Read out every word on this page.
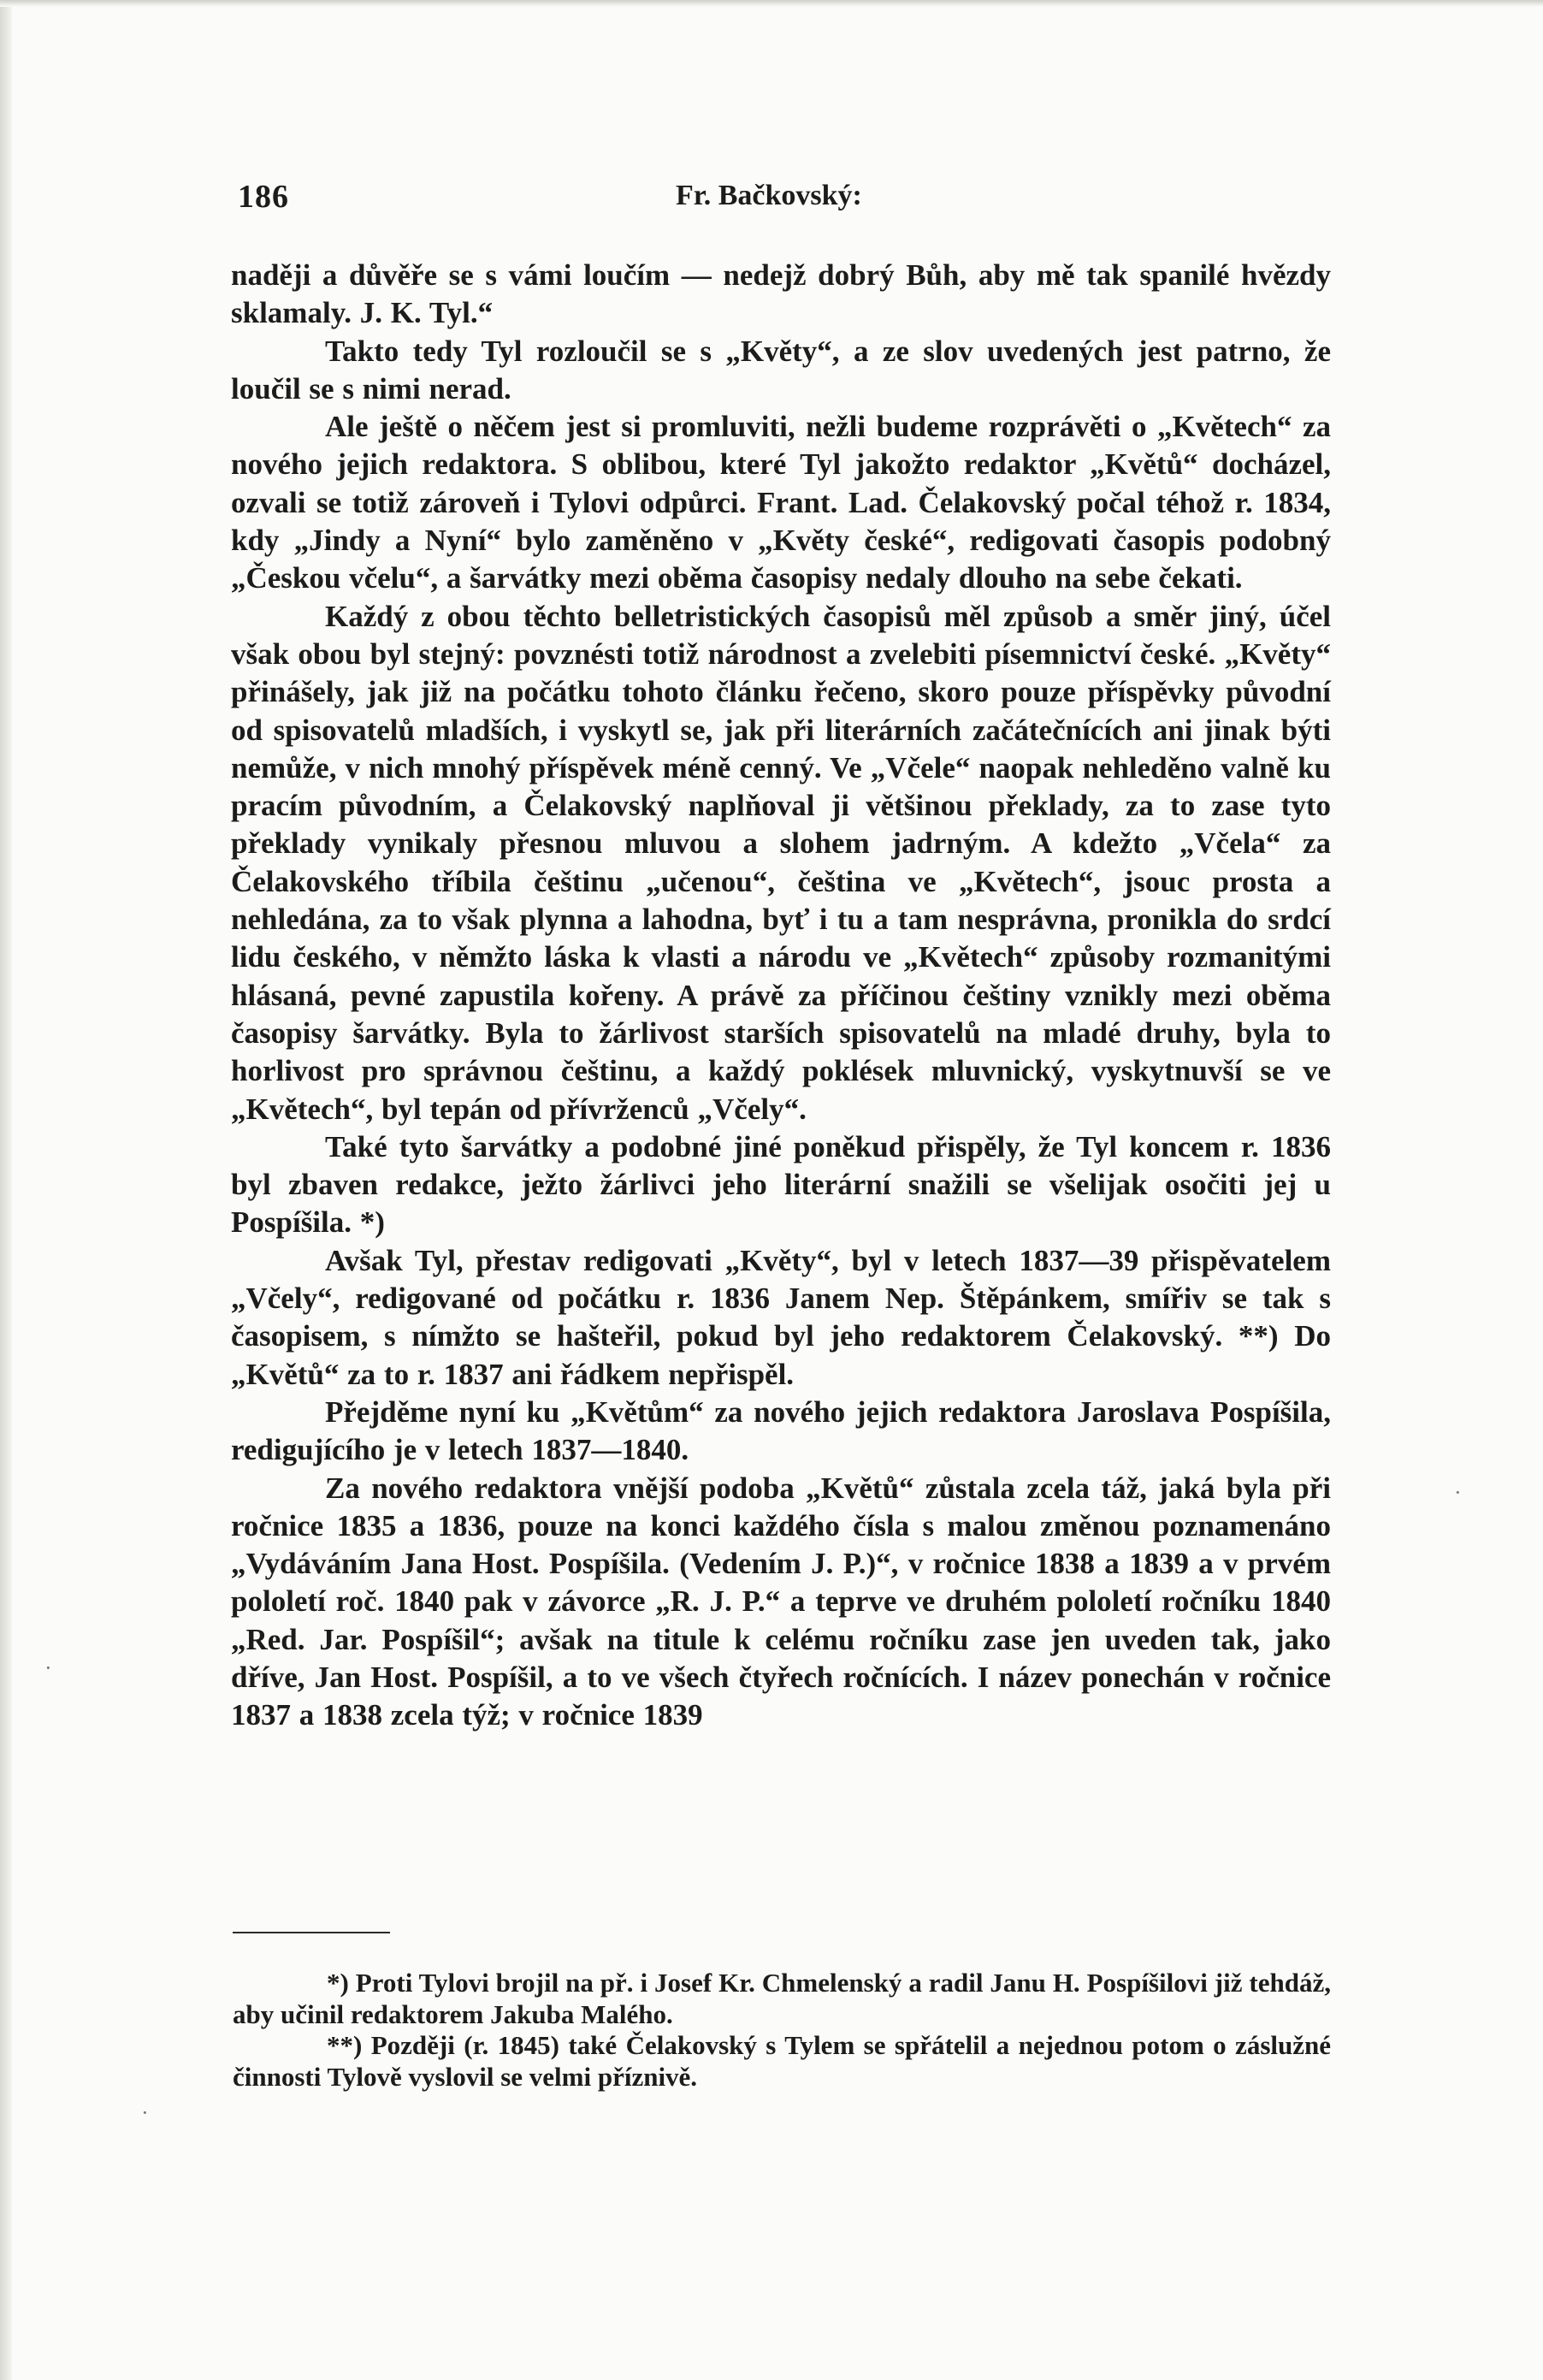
186	Fr. Bačkovský:

naději a důvěře se s vámi loučím — nedejž dobrý Bůh, aby mě tak spanilé hvězdy sklamaly. J. K. Tyl.“

Takto tedy Tyl rozloučil se s „Květy“, a ze slov uvedených jest patrno, že loučil se s nimi nerad.

Ale ještě o něčem jest si promluviti, nežli budeme rozprávěti o „Květech“ za nového jejich redaktora. S oblibou, které Tyl jakožto redaktor „Květů“ docházel, ozvali se totiž zároveň i Tylovi odpůrci. Frant. Lad. Čelakovský počal téhož r. 1834, kdy „Jindy a Nyní“ bylo zaměněno v „Květy české“, redigovati časopis podobný „Českou včelu“, a šarvátky mezi oběma časopisy nedaly dlouho na sebe čekati.

Každý z obou těchto belletristických časopisů měl způsob a směr jiný, účel však obou byl stejný: povznésti totiž národnost a zvelebiti písemnictví české. „Květy“ přinášely, jak již na počátku tohoto článku řečeno, skoro pouze příspěvky původní od spisovatelů mladších, i vyskytl se, jak při literárních začátečnících ani jinak býti nemůže, v nich mnohý příspěvek méně cenný. Ve „Včele“ naopak nehleděno valně ku pracím původním, a Čelakovský naplňoval ji většinou překlady, za to zase tyto překlady vynikaly přesnou mluvou a slohem jadrným. A kdežto „Včela“ za Čelakovského tříbila češtinu „učenou“, čeština ve „Květech“, jsouc prosta a nehledána, za to však plynna a lahodna, byť i tu a tam nesprávna, pronikla do srdcí lidu českého, v němžto láska k vlasti a národu ve „Květech“ způsoby rozmanitými hlásaná, pevné zapustila kořeny. A právě za příčinou češtiny vznikly mezi oběma časopisy šarvátky. Byla to žárlivost starších spisovatelů na mladé druhy, byla to horlivost pro správnou češtinu, a každý poklések mluvnický, vyskytnuvší se ve „Květech“, byl tepán od přívrženců „Včely“.

Také tyto šarvátky a podobné jiné poněkud přispěly, že Tyl koncem r. 1836 byl zbaven redakce, ježto žárlivci jeho literární snažili se všelijak osočiti jej u Pospíšila. *)

Avšak Tyl, přestav redigovati „Květy“, byl v letech 1837—39 přispěvatelem „Včely“, redigované od počátku r. 1836 Janem Nep. Štěpánkem, smířiv se tak s časopisem, s nímžto se hašteřil, pokud byl jeho redaktorem Čelakovský. **) Do „Květů“ za to r. 1837 ani řádkem nepřispěl.

Přejděme nyní ku „Květům“ za nového jejich redaktora Jaroslava Pospíšila, redigujícího je v letech 1837—1840.

Za nového redaktora vnější podoba „Květů“ zůstala zcela táž, jaká byla při ročnice 1835 a 1836, pouze na konci každého čísla s malou změnou poznamenáno „Vydáváním Jana Host. Pospíšila. (Vedením J. P.)“, v ročnice 1838 a 1839 a v prvém pololetí roč. 1840 pak v závorce „R. J. P.“ a teprve ve druhém pololetí ročníku 1840 „Red. Jar. Pospíšil“; avšak na titule k celému ročníku zase jen uveden tak, jako dříve, Jan Host. Pospíšil, a to ve všech čtyřech ročnících. I název ponechán v ročnice 1837 a 1838 zcela týž; v ročnice 1839

*) Proti Tylovi brojil na př. i Josef Kr. Chmelenský a radil Janu H. Pospíšilovi již tehdáž, aby učinil redaktorem Jakuba Malého.

**) Později (r. 1845) také Čelakovský s Tylem se spřátelil a nejednou potom o záslužné činnosti Tylově vyslovil se velmi příznivě.

·
·
·
